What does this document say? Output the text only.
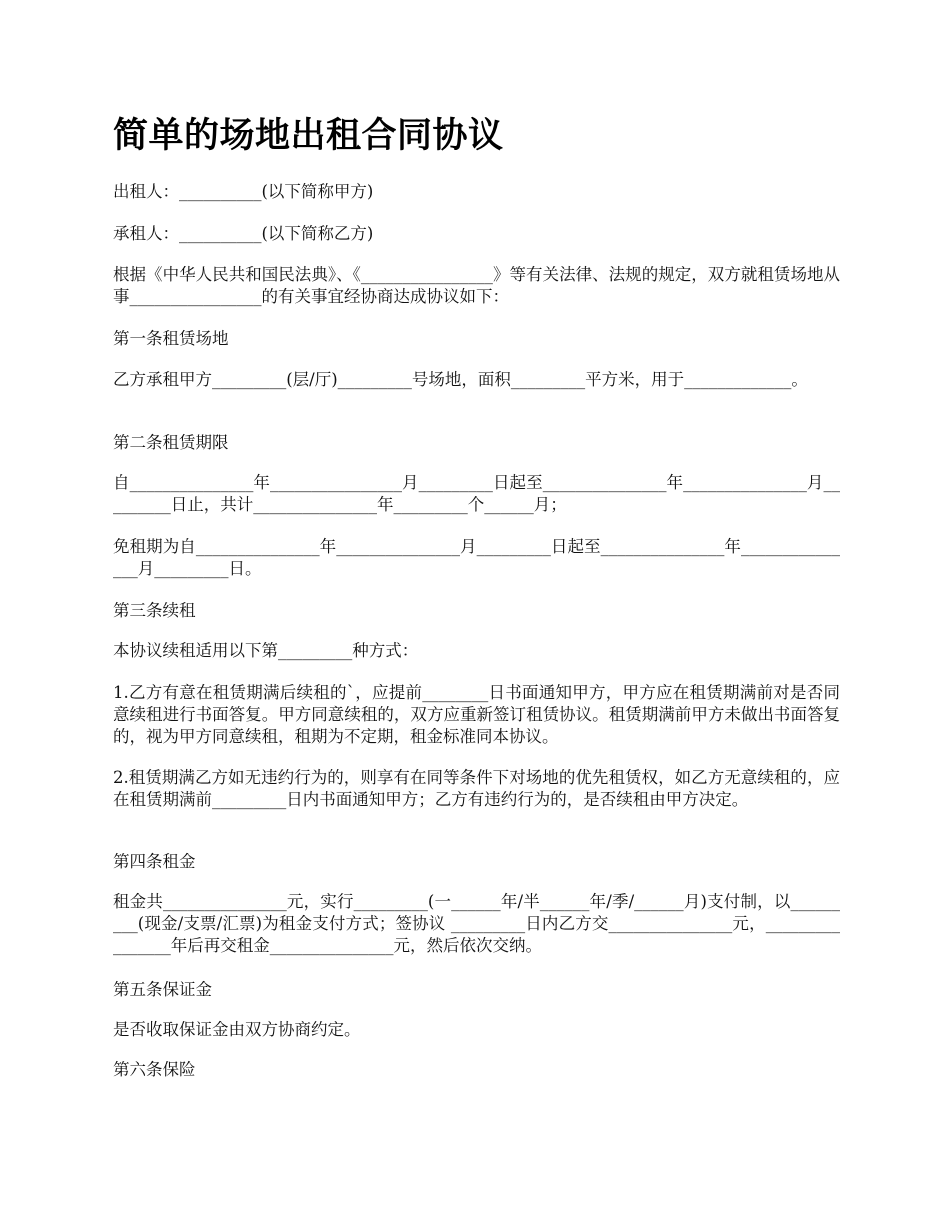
简单的场地出租合同协议

出租人：__________(以下简称甲方)

承租人：__________(以下简称乙方)

根据《中华人民共和国民法典》、《________________》等有关法律、法规的规定，双方就租赁场地从事________________的有关事宜经协商达成协议如下：

第一条租赁场地

乙方承租甲方_________(层/厅)_________号场地，面积_________平方米，用于_____________。

第二条租赁期限

自_______________年________________月_________日起至_______________年_______________月_________日止，共计_______________年_________个______月；

免租期为自_______________年_______________月_________日起至_______________年_______________月_________日。

第三条续租

本协议续租适用以下第_________种方式：

1.乙方有意在租赁期满后续租的`，应提前________日书面通知甲方，甲方应在租赁期满前对是否同意续租进行书面答复。甲方同意续租的，双方应重新签订租赁协议。租赁期满前甲方未做出书面答复的，视为甲方同意续租，租期为不定期，租金标准同本协议。

2.租赁期满乙方如无违约行为的，则享有在同等条件下对场地的优先租赁权，如乙方无意续租的，应在租赁期满前_________日内书面通知甲方；乙方有违约行为的，是否续租由甲方决定。

第四条租金

租金共_______________元，实行_________(一______年/半______年/季/______月)支付制，以_________(现金/支票/汇票)为租金支付方式；签协议 _________日内乙方交_______________元，________________年后再交租金_______________元，然后依次交纳。

第五条保证金

是否收取保证金由双方协商约定。

第六条保险
